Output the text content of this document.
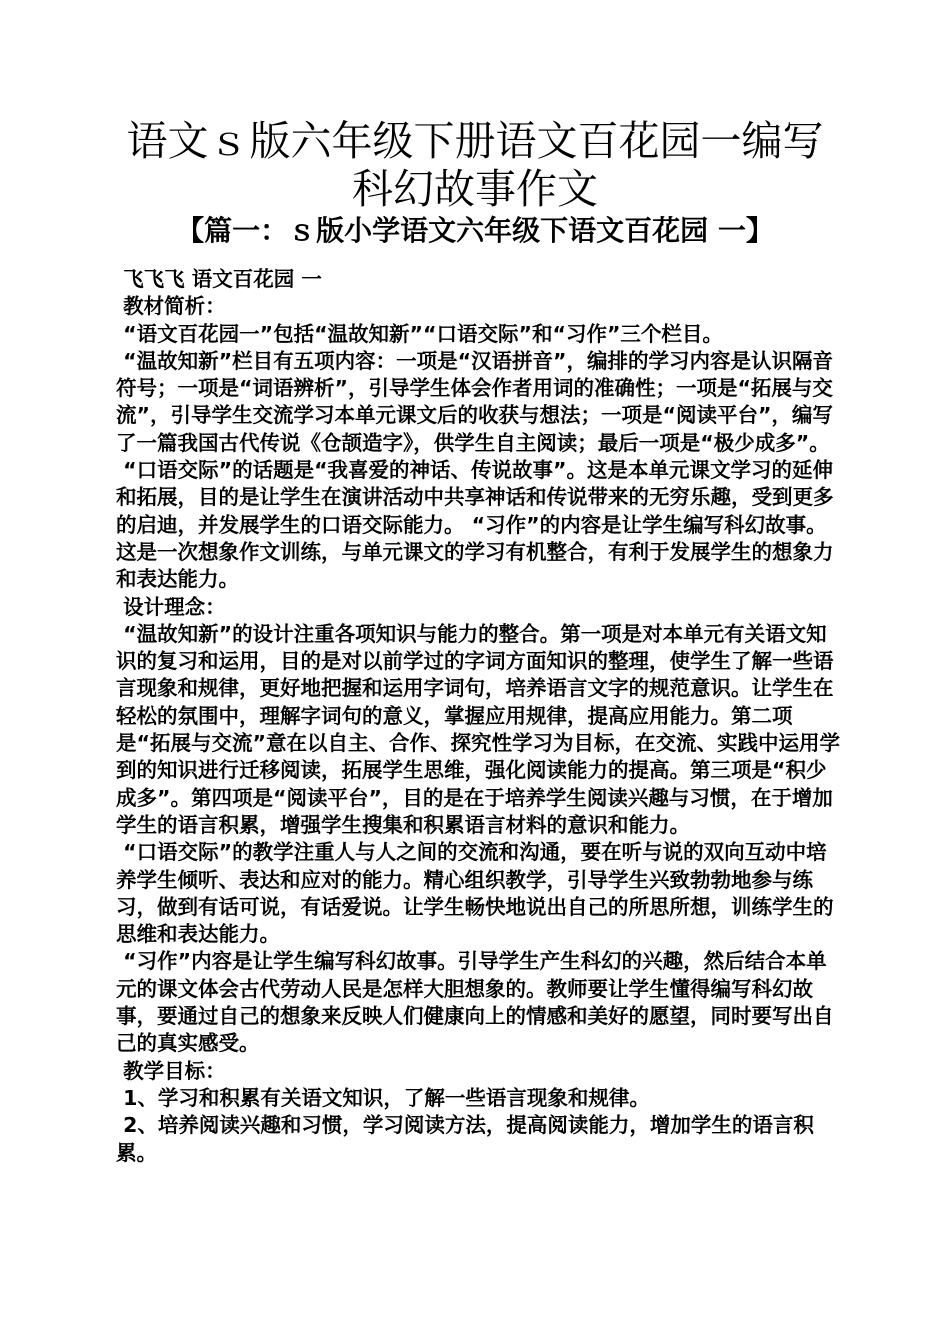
语文ｓ版六年级下册语文百花园一编写
科幻故事作文
【篇一：ｓ版小学语文六年级下语文百花园 一】

飞飞飞 语文百花园 一

教材简析：

“语文百花园一”包括“温故知新”“口语交际”和“习作”三个栏目。

“温故知新”栏目有五项内容：一项是“汉语拼音”，编排的学习内容是认识隔音符号；一项是“词语辨析”，引导学生体会作者用词的准确性；一项是“拓展与交流”，引导学生交流学习本单元课文后的收获与想法；一项是“阅读平台”，编写了一篇我国古代传说《仓颉造字》，供学生自主阅读；最后一项是“极少成多”。

“口语交际”的话题是“我喜爱的神话、传说故事”。这是本单元课文学习的延伸和拓展，目的是让学生在演讲活动中共享神话和传说带来的无穷乐趣，受到更多的启迪，并发展学生的口语交际能力。 “习作”的内容是让学生编写科幻故事。这是一次想象作文训练，与单元课文的学习有机整合，有利于发展学生的想象力和表达能力。

设计理念：

“温故知新”的设计注重各项知识与能力的整合。第一项是对本单元有关语文知识的复习和运用，目的是对以前学过的字词方面知识的整理，使学生了解一些语言现象和规律，更好地把握和运用字词句，培养语言文字的规范意识。让学生在轻松的氛围中，理解字词句的意义，掌握应用规律，提高应用能力。第二项是“拓展与交流”意在以自主、合作、探究性学习为目标，在交流、实践中运用学到的知识进行迁移阅读，拓展学生思维，强化阅读能力的提高。第三项是“积少成多”。第四项是“阅读平台”，目的是在于培养学生阅读兴趣与习惯，在于增加学生的语言积累，增强学生搜集和积累语言材料的意识和能力。

“口语交际”的教学注重人与人之间的交流和沟通，要在听与说的双向互动中培养学生倾听、表达和应对的能力。精心组织教学，引导学生兴致勃勃地参与练习，做到有话可说，有话爱说。让学生畅快地说出自己的所思所想，训练学生的思维和表达能力。

“习作”内容是让学生编写科幻故事。引导学生产生科幻的兴趣，然后结合本单元的课文体会古代劳动人民是怎样大胆想象的。教师要让学生懂得编写科幻故事，要通过自己的想象来反映人们健康向上的情感和美好的愿望，同时要写出自己的真实感受。

教学目标：

1、学习和积累有关语文知识，了解一些语言现象和规律。

2、培养阅读兴趣和习惯，学习阅读方法，提高阅读能力，增加学生的语言积累。
